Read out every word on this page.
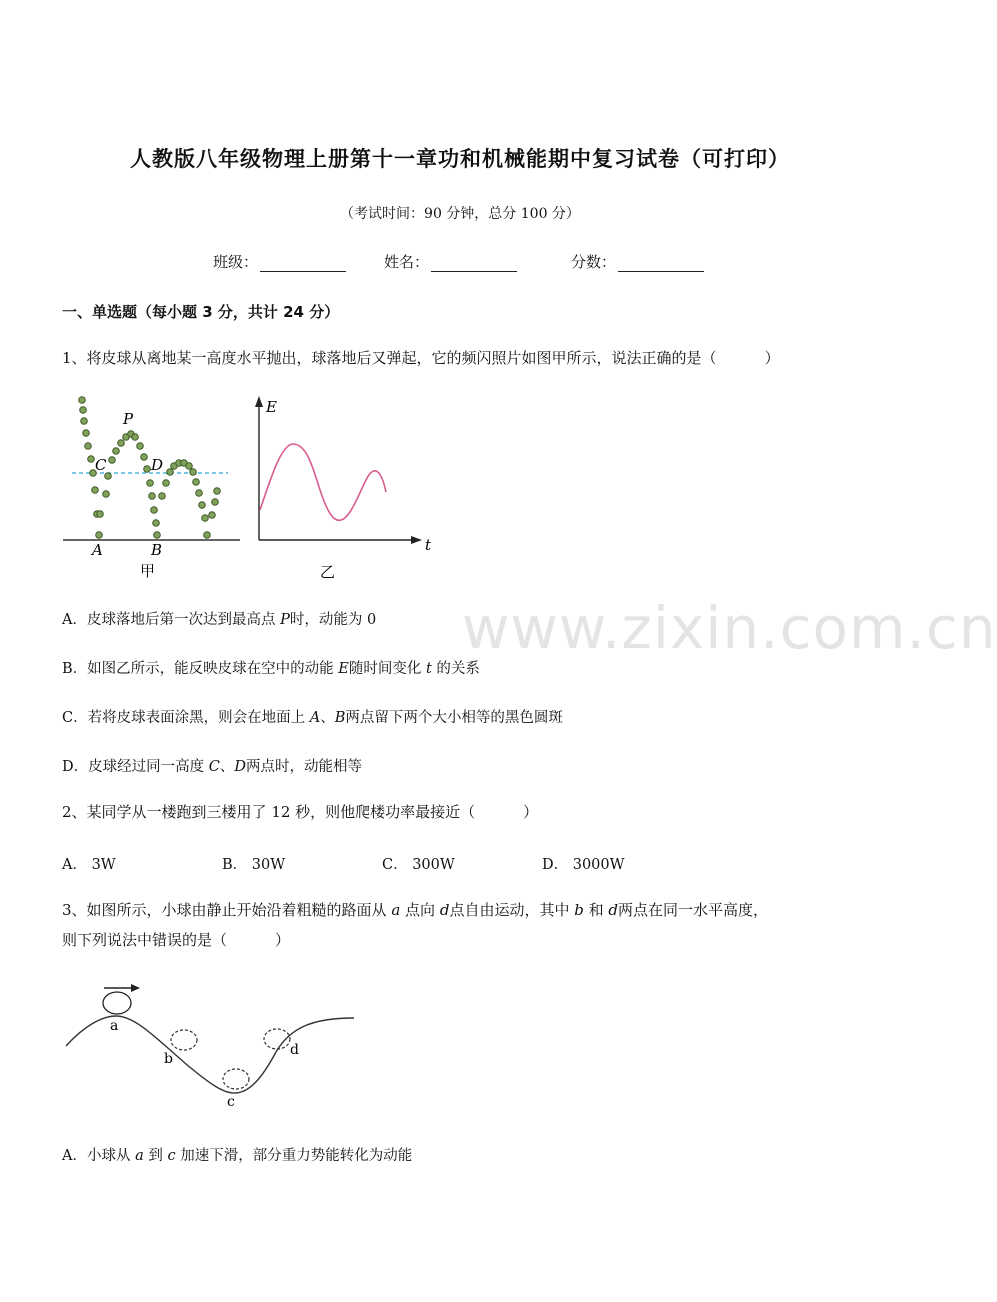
人教版八年级物理上册第十一章功和机械能期中复习试卷（可打印）
（考试时间：90 分钟，总分 100 分）
班级：	姓名：	分数：
一、单选题（每小题 3 分，共计 24 分）
1、将皮球从离地某一高度水平抛出，球落地后又弹起，它的频闪照片如图甲所示，说法正确的是（	）
P
C	D
A	B
甲
E
t
乙
www.zixin.com.cn
A．皮球落地后第一次达到最高点 P时，动能为 0
B．如图乙所示，能反映皮球在空中的动能 E随时间变化 t 的关系
C．若将皮球表面涂黑，则会在地面上 A、B两点留下两个大小相等的黑色圆斑
D．皮球经过同一高度 C、D两点时，动能相等
2、某同学从一楼跑到三楼用了 12 秒，则他爬楼功率最接近（	）
A． 3W	B． 30W	C． 300W	D． 3000W
3、如图所示，小球由静止开始沿着粗糙的路面从 a 点向 d点自由运动，其中 b 和 d两点在同一水平高度，
则下列说法中错误的是（	）
a
b
c
d
A．小球从 a 到 c 加速下滑，部分重力势能转化为动能
